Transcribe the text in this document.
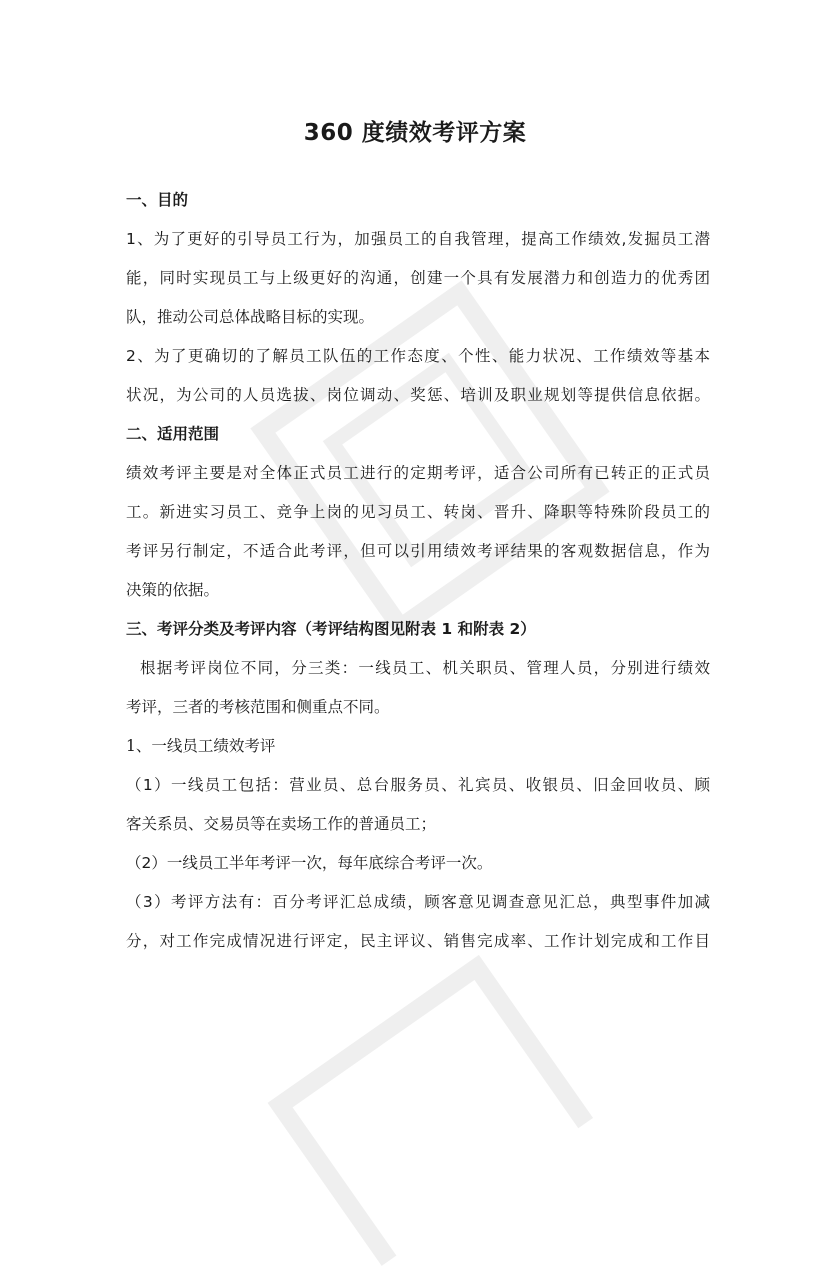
360 度绩效考评方案
一、目的
1、为了更好的引导员工行为，加强员工的自我管理，提高工作绩效,发掘员工潜
能，同时实现员工与上级更好的沟通，创建一个具有发展潜力和创造力的优秀团
队，推动公司总体战略目标的实现。
2、为了更确切的了解员工队伍的工作态度、个性、能力状况、工作绩效等基本
状况，为公司的人员选拔、岗位调动、奖惩、培训及职业规划等提供信息依据。
二、适用范围
绩效考评主要是对全体正式员工进行的定期考评，适合公司所有已转正的正式员
工。新进实习员工、竞争上岗的见习员工、转岗、晋升、降职等特殊阶段员工的
考评另行制定，不适合此考评，但可以引用绩效考评结果的客观数据信息，作为
决策的依据。
三、考评分类及考评内容（考评结构图见附表 1 和附表 2）
根据考评岗位不同，分三类：一线员工、机关职员、管理人员，分别进行绩效
考评，三者的考核范围和侧重点不同。
1、一线员工绩效考评
（1）一线员工包括：营业员、总台服务员、礼宾员、收银员、旧金回收员、顾
客关系员、交易员等在卖场工作的普通员工；
（2）一线员工半年考评一次，每年底综合考评一次。
（3）考评方法有：百分考评汇总成绩，顾客意见调查意见汇总，典型事件加减
分，对工作完成情况进行评定，民主评议、销售完成率、工作计划完成和工作目
